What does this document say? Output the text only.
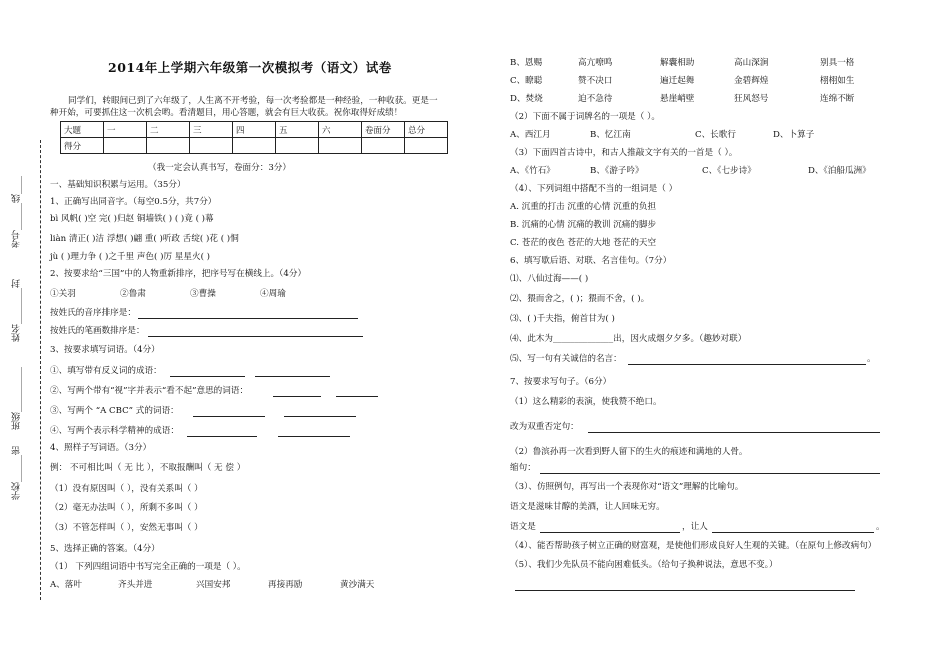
考号______线____
姓名________封
班级__________
学校______密
2014年上学期六年级第一次模拟考（语文）试卷
同学们，转眼间已到了六年级了，人生离不开考验，每一次考验都是一种经验，一种收获。更是一
种开始，可要抓住这一次机会哟。看清题目，用心答题，就会有巨大收获。祝你取得好成绩！
大题	一	二	三	四	五	六	卷面分	总分
得分								
（我一定会认真书写，卷面分：3分）
一、基础知识积累与运用。（35分）
1、正确写出同音字。（每空0.5分，共7分）
bì 风帆( )空 完( )归赵 铜墙铁( ) ( )竟 ( )幕
liàn 清正( )洁 浮想( )翩 重( )听政 舌绽( )花 ( )恫
jù ( )理力争 ( )之千里 声色( )厉 星星火( )
2、按要求给“三国”中的人物重新排序，把序号写在横线上。（4分）
①关羽	②鲁肃	③曹操	④周瑜
按姓氏的音序排序是：
按姓氏的笔画数排序是：
3、按要求填写词语。（4分）
①、填写带有反义词的成语：
②、写两个带有“视”字并表示“看不起”意思的词语：
③、写两个 “A CBC” 式的词语：
④、写两个表示科学精神的成语：
4、照样子写词语。（3分）
例： 不可相比叫（ 无 比 ），不取报酬叫（ 无 偿 ）
（1）没有原因叫（ ），没有关系叫（ ）
（2）毫无办法叫（ ），所剩不多叫（ ）
（3）不管怎样叫（ ），安然无事叫（ ）
5、选择正确的答案。（4分）
（1） 下列四组词语中书写完全正确的一项是（ ）。
A、落叶	齐头并进	兴国安邦	再接再励	黄沙满天
B、恩赐	高亢嘹鸣	解囊相助	高山深涧	别具一格
C、瞭聪	赞不决口	遍迁起舞	金碧辉煌	栩栩如生
D、焚烧	迫不急待	悬崖峭壁	狂风怒号	连绵不断
（2）下面不属于词牌名的一项是（ ）。
A、西江月	B、忆江南	C、长歌行	D、卜算子
（3）下面四首古诗中，和古人推敲文字有关的一首是（ ）。
A、《竹石》	B、《游子吟》	C、《七步诗》	D、《泊船瓜洲》
（4）、下列词组中搭配不当的一组词是（ ）
A. 沉重的打击 沉重的心情 沉重的负担
B. 沉痛的心情 沉痛的教训 沉痛的脚步
C. 苍茫的夜色 苍茫的大地 苍茫的天空
6、填写歇后语、对联、名言佳句。（7分）
⑴、八仙过海——( )
⑵、猥而舍之，( )；猥而不舍，( )。
⑶、( )千夫指，俯首甘为( )
⑷、此木为______________出，因火成烟夕夕多。（趣妙对联）
⑸、写一句有关诚信的名言：	。
7、按要求写句子。（6分）
（1）这么精彩的表演，使我赞不绝口。
改为双重否定句：
（2）鲁滨孙再一次看到野人留下的生火的痕迹和满地的人骨。
缩句：
（3）、仿照例句，再写出一个表现你对“语文”理解的比喻句。
语文是滋味甘醇的美酒，让人回味无穷。
语文是	，让人	。
（4）、能否帮助孩子树立正确的财富观，是使他们形成良好人生观的关键。（在原句上修改病句）
（5）、我们少先队员不能向困难低头。（给句子换种说法，意思不变。）
